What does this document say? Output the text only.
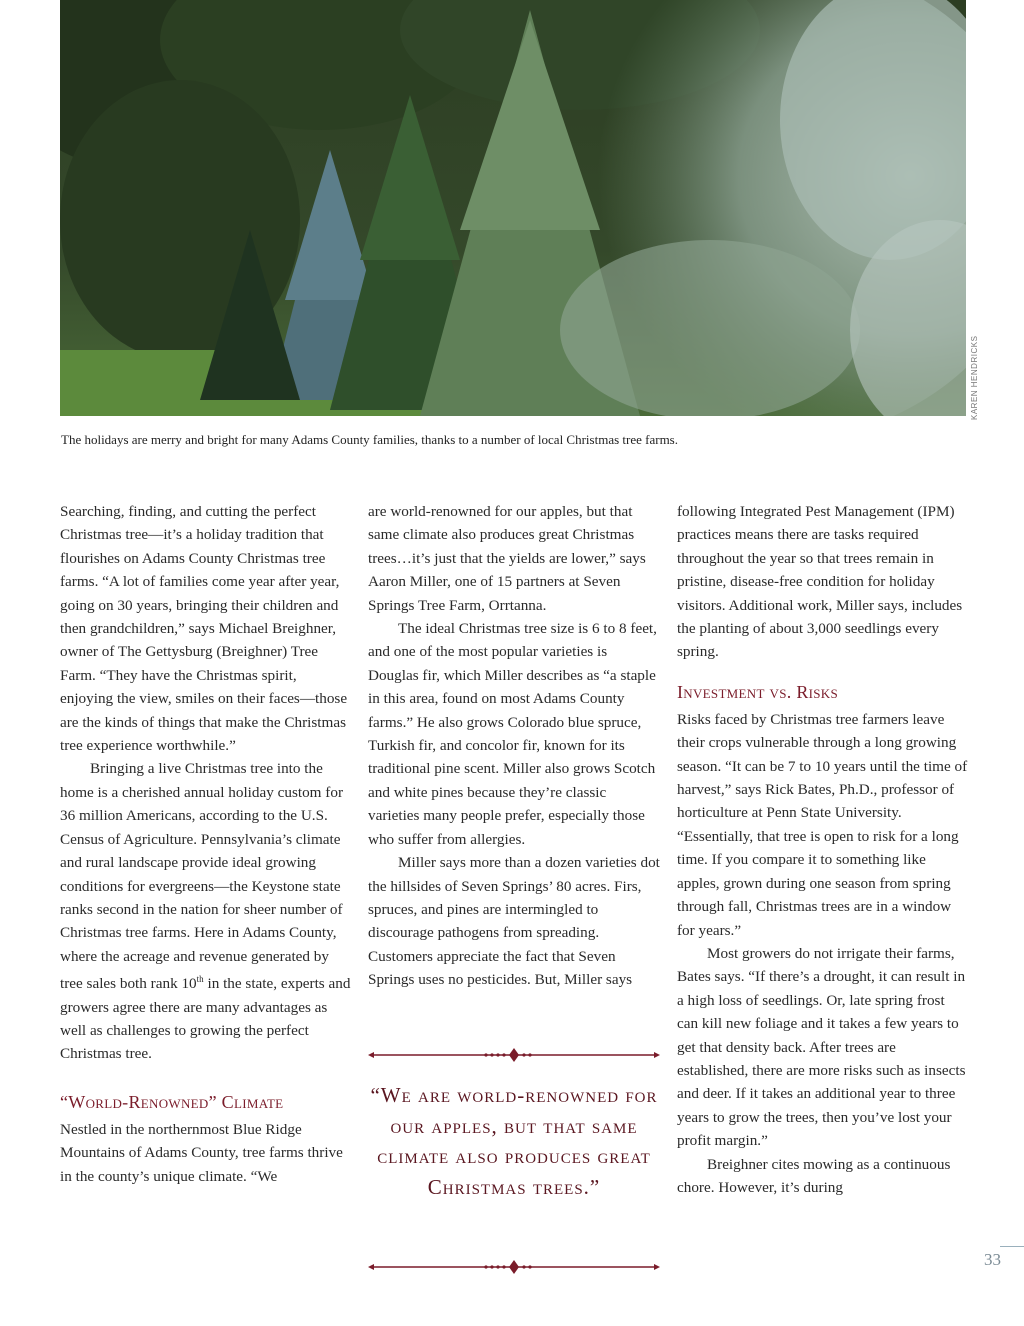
KAREN HENDRICKS
The holidays are merry and bright for many Adams County families, thanks to a number of local Christmas tree farms.

Searching, finding, and cutting the perfect Christmas tree—it’s a holiday tradition that flourishes on Adams County Christmas tree farms. “A lot of families come year after year, going on 30 years, bringing their children and then grandchildren,” says Michael Breighner, owner of The Gettysburg (Breighner) Tree Farm. “They have the Christmas spirit, enjoying the view, smiles on their faces—those are the kinds of things that make the Christmas tree experience worthwhile.”

Bringing a live Christmas tree into the home is a cherished annual holiday custom for 36 million Americans, according to the U.S. Census of Agriculture. Pennsylvania’s climate and rural landscape provide ideal growing conditions for evergreens—the Keystone state ranks second in the nation for sheer number of Christmas tree farms. Here in Adams County, where the acreage and revenue generated by tree sales both rank 10th in the state, experts and growers agree there are many advantages as well as challenges to growing the perfect Christmas tree.

“World-Renowned” Climate

Nestled in the northernmost Blue Ridge Mountains of Adams County, tree farms thrive in the county’s unique climate. “We

are world-renowned for our apples, but that same climate also produces great Christmas trees…it’s just that the yields are lower,” says Aaron Miller, one of 15 partners at Seven Springs Tree Farm, Orrtanna.

The ideal Christmas tree size is 6 to 8 feet, and one of the most popular varieties is Douglas fir, which Miller describes as “a staple in this area, found on most Adams County farms.” He also grows Colorado blue spruce, Turkish fir, and concolor fir, known for its traditional pine scent. Miller also grows Scotch and white pines because they’re classic varieties many people prefer, especially those who suffer from allergies.

Miller says more than a dozen varieties dot the hillsides of Seven Springs’ 80 acres. Firs, spruces, and pines are intermingled to discourage pathogens from spreading. Customers appreciate the fact that Seven Springs uses no pesticides. But, Miller says

“We are world-renowned for our apples, but that same climate also produces great Christmas trees.”

following Integrated Pest Management (IPM) practices means there are tasks required throughout the year so that trees remain in pristine, disease-free condition for holiday visitors. Additional work, Miller says, includes the planting of about 3,000 seedlings every spring.

Investment vs. Risks

Risks faced by Christmas tree farmers leave their crops vulnerable through a long growing season. “It can be 7 to 10 years until the time of harvest,” says Rick Bates, Ph.D., professor of horticulture at Penn State University. “Essentially, that tree is open to risk for a long time. If you compare it to something like apples, grown during one season from spring through fall, Christmas trees are in a window for years.”

Most growers do not irrigate their farms, Bates says. “If there’s a drought, it can result in a high loss of seedlings. Or, late spring frost can kill new foliage and it takes a few years to get that density back. After trees are established, there are more risks such as insects and deer. If it takes an additional year to three years to grow the trees, then you’ve lost your profit margin.”

Breighner cites mowing as a continuous chore. However, it’s during

33
